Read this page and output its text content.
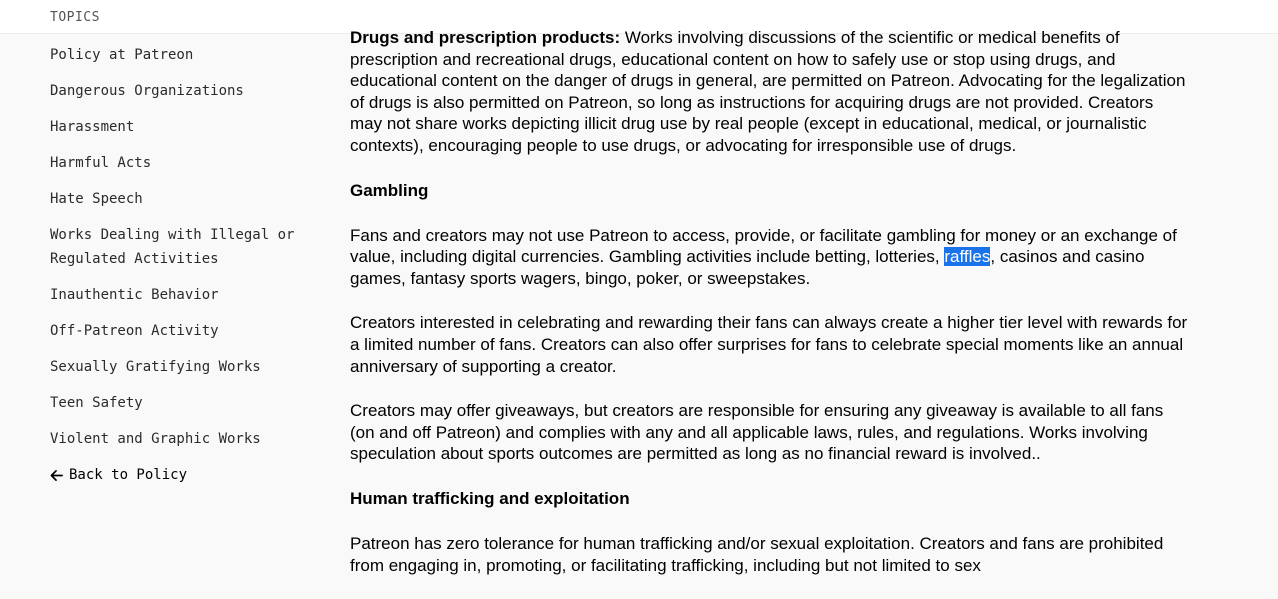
TOPICS
Policy at Patreon
Dangerous Organizations
Harassment
Harmful Acts
Hate Speech
Works Dealing with Illegal or Regulated Activities
Inauthentic Behavior
Off-Patreon Activity
Sexually Gratifying Works
Teen Safety
Violent and Graphic Works
Back to Policy

Drugs and prescription products: Works involving discussions of the scientific or medical benefits of prescription and recreational drugs, educational content on how to safely use or stop using drugs, and educational content on the danger of drugs in general, are permitted on Patreon. Advocating for the legalization of drugs is also permitted on Patreon, so long as instructions for acquiring drugs are not provided. Creators may not share works depicting illicit drug use by real people (except in educational, medical, or journalistic contexts), encouraging people to use drugs, or advocating for irresponsible use of drugs.

Gambling

Fans and creators may not use Patreon to access, provide, or facilitate gambling for money or an exchange of value, including digital currencies. Gambling activities include betting, lotteries, raffles, casinos and casino games, fantasy sports wagers, bingo, poker, or sweepstakes.

Creators interested in celebrating and rewarding their fans can always create a higher tier level with rewards for a limited number of fans. Creators can also offer surprises for fans to celebrate special moments like an annual anniversary of supporting a creator.

Creators may offer giveaways, but creators are responsible for ensuring any giveaway is available to all fans (on and off Patreon) and complies with any and all applicable laws, rules, and regulations. Works involving speculation about sports outcomes are permitted as long as no financial reward is involved..

Human trafficking and exploitation

Patreon has zero tolerance for human trafficking and/or sexual exploitation. Creators and fans are prohibited from engaging in, promoting, or facilitating trafficking, including but not limited to sex
